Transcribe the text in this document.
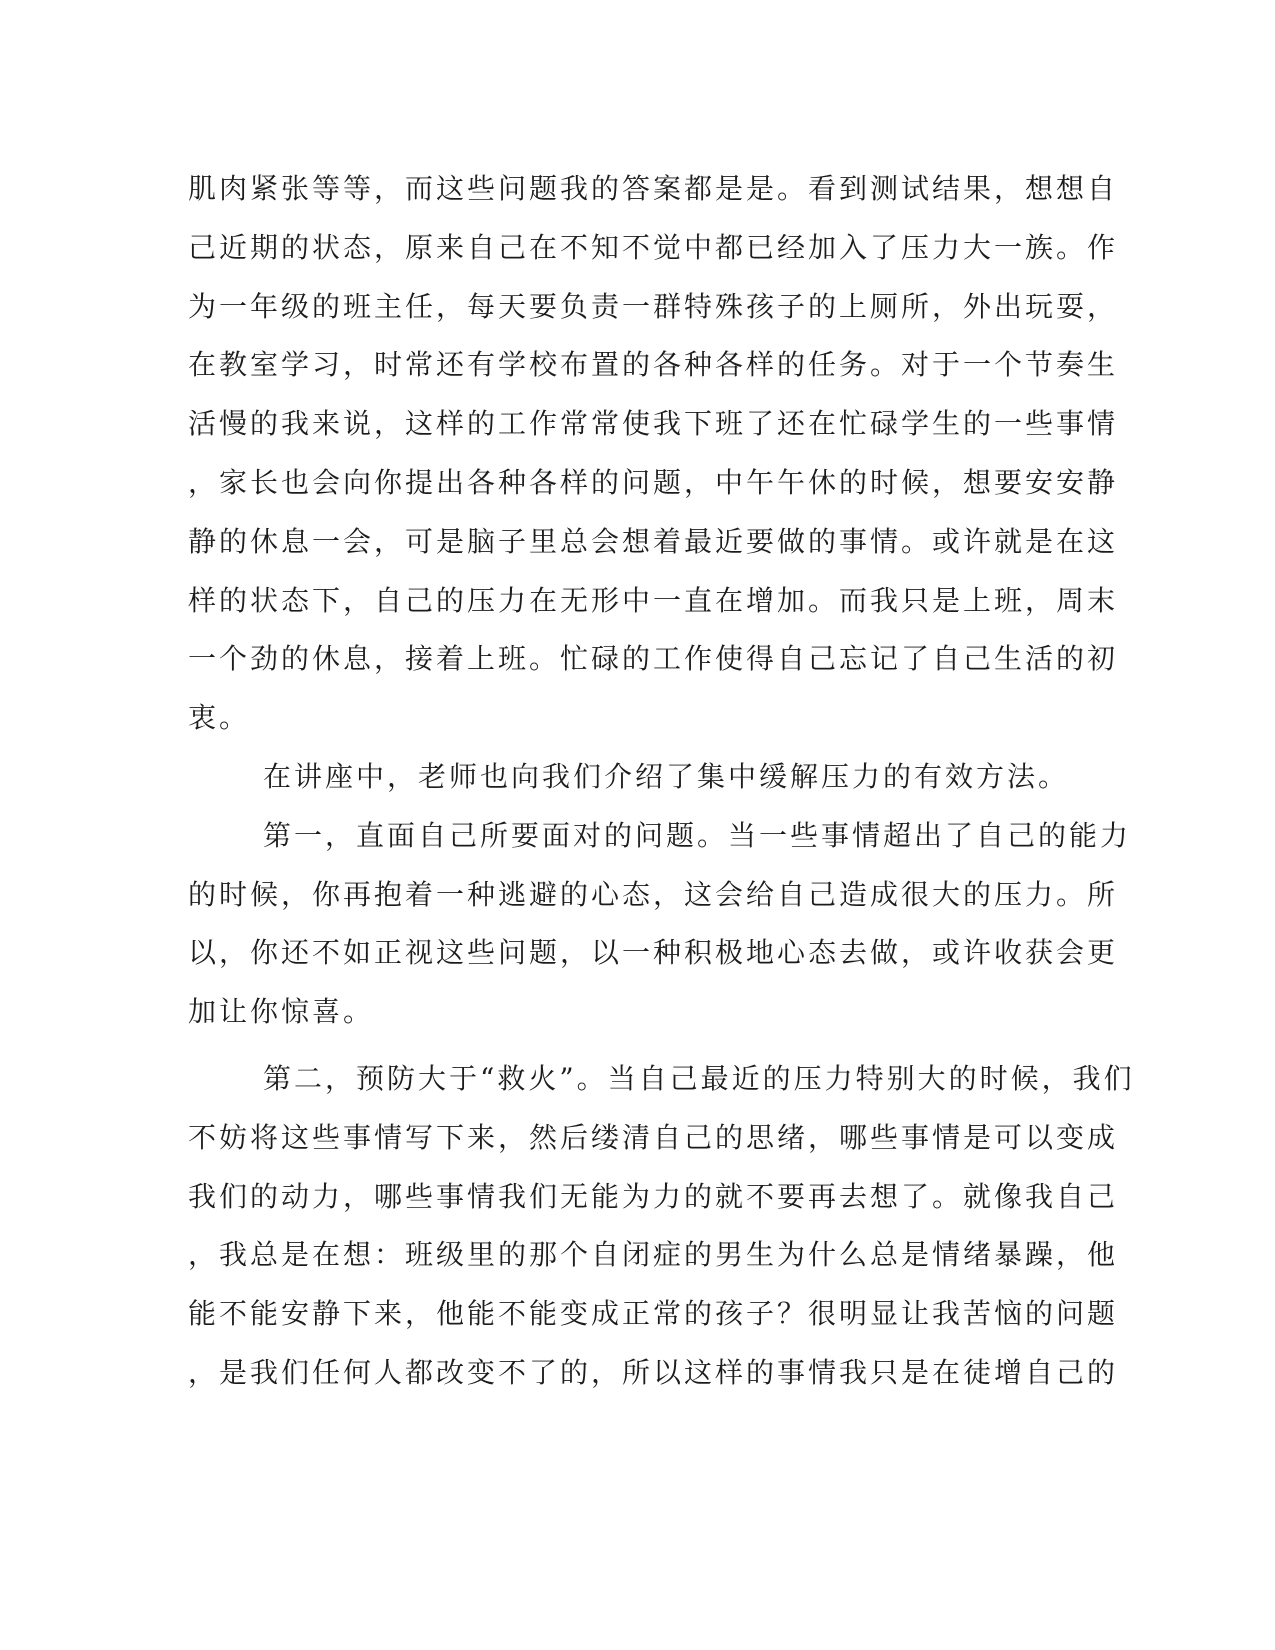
肌肉紧张等等，而这些问题我的答案都是是。看到测试结果，想想自
己近期的状态，原来自己在不知不觉中都已经加入了压力大一族。作
为一年级的班主任，每天要负责一群特殊孩子的上厕所，外出玩耍，
在教室学习，时常还有学校布置的各种各样的任务。对于一个节奏生
活慢的我来说，这样的工作常常使我下班了还在忙碌学生的一些事情
，家长也会向你提出各种各样的问题，中午午休的时候，想要安安静
静的休息一会，可是脑子里总会想着最近要做的事情。或许就是在这
样的状态下，自己的压力在无形中一直在增加。而我只是上班，周末
一个劲的休息，接着上班。忙碌的工作使得自己忘记了自己生活的初
衷。
在讲座中，老师也向我们介绍了集中缓解压力的有效方法。
第一，直面自己所要面对的问题。当一些事情超出了自己的能力
的时候，你再抱着一种逃避的心态，这会给自己造成很大的压力。所
以，你还不如正视这些问题，以一种积极地心态去做，或许收获会更
加让你惊喜。
第二，预防大于“救火”。当自己最近的压力特别大的时候，我们
不妨将这些事情写下来，然后缕清自己的思绪，哪些事情是可以变成
我们的动力，哪些事情我们无能为力的就不要再去想了。就像我自己
，我总是在想：班级里的那个自闭症的男生为什么总是情绪暴躁，他
能不能安静下来，他能不能变成正常的孩子？很明显让我苦恼的问题
，是我们任何人都改变不了的，所以这样的事情我只是在徒增自己的
